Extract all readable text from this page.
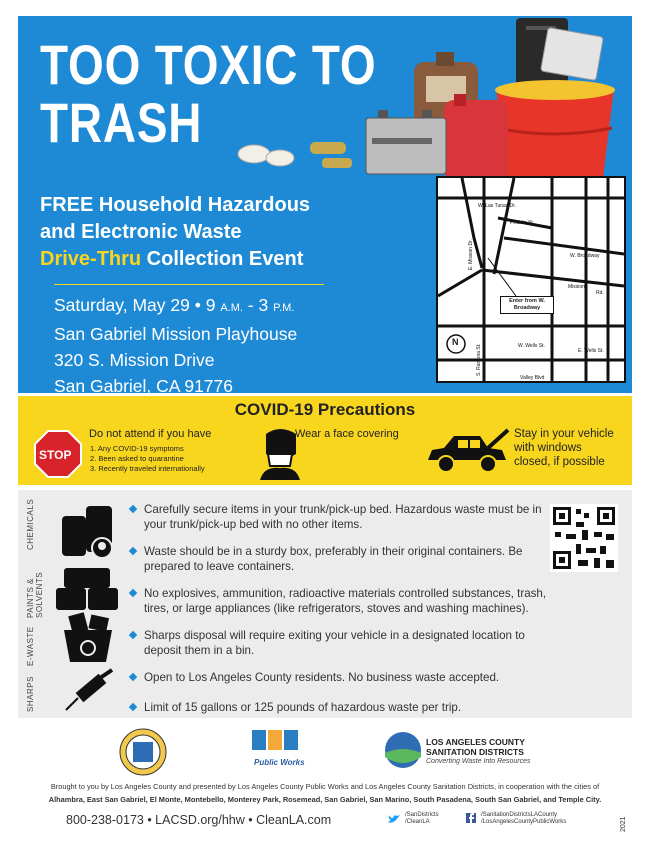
TOO TOXIC TO
TRASH
FREE Household Hazardous
and Electronic Waste
Drive-Thru Collection Event
Saturday, May 29 • 9 A.M. - 3 P.M.
San Gabriel Mission Playhouse
320 S. Mission Drive
San Gabriel, CA 91776
W. Las Tunas Dr.
Pedidia St.
W. Broadway
Mission
Rd.
W. Wells St.
E. Wells St.
Valley Blvd
S. Ramona St.
E. Mission Dr.
Enter from W. Broadway
N
COVID-19 Precautions
STOP
Do not attend if you have
1. Any COVID-19 symptoms
2. Been asked to quarantine
3. Recently traveled internationally
Wear a face covering	Stay in your vehicle
with windows
closed, if possible
CHEMICALS
PAINTS & SOLVENTS
E-WASTE
SHARPS
Carefully secure items in your trunk/pick-up bed. Hazardous waste must be in your trunk/pick-up bed with no other items.
Waste should be in a sturdy box, preferably in their original containers. Be prepared to leave containers.
No explosives, ammunition, radioactive materials controlled substances, trash, tires, or large appliances (like refrigerators, stoves and washing machines).
Sharps disposal will require exiting your vehicle in a designated location to deposit them in a bin.
Open to Los Angeles County residents. No business waste accepted.
Limit of 15 gallons or 125 pounds of hazardous waste per trip.
Public Works
LOS ANGELES COUNTY
SANITATION DISTRICTS
Converting Waste Into Resources
Brought to you by Los Angeles County and presented by Los Angeles County Public Works and Los Angeles County Sanitation Districts, in cooperation with the cities of
Alhambra, East San Gabriel, El Monte, Montebello, Monterey Park, Rosemead, San Gabriel, San Marino, South Pasadena, South San Gabriel, and Temple City.
800-238-0173 • LACSD.org/hhw • CleanLA.com	/SanDistricts
/CleanLA
/SanitationDistrictsLACounty
/LosAngelesCountyPublicWorks	2021
